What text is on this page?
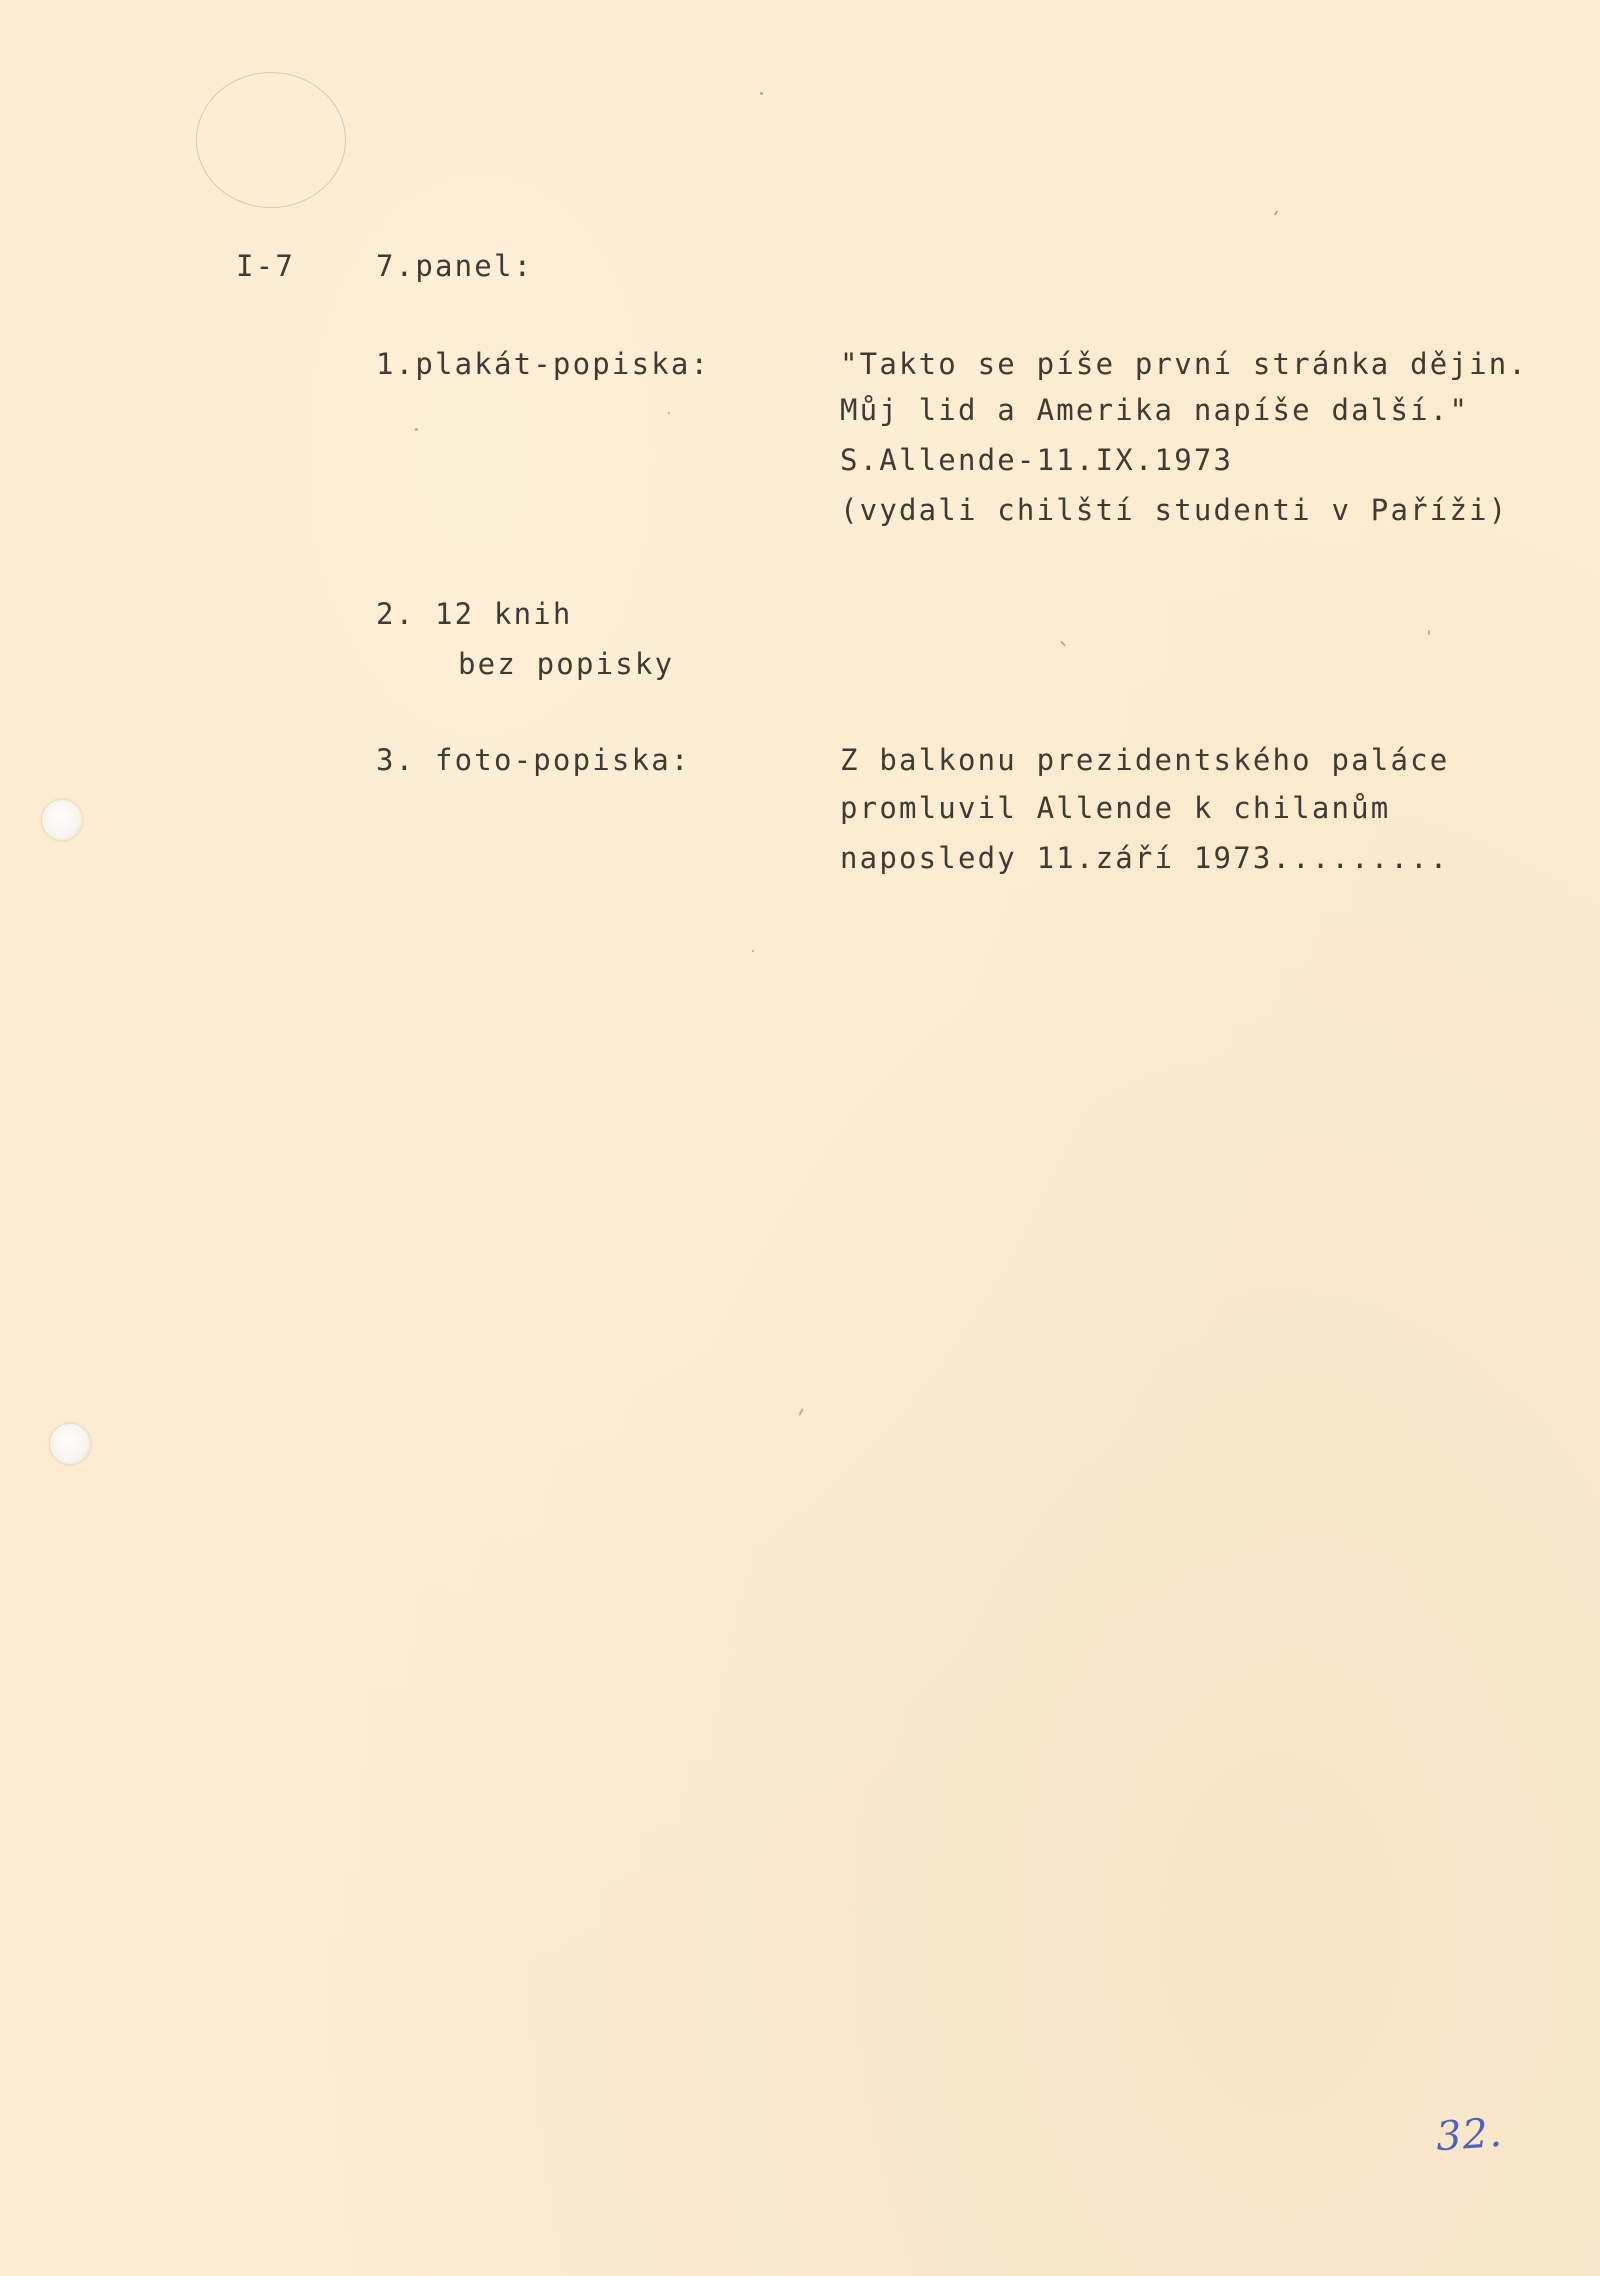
I-7	7.panel:
1.plakát-popiska:	"Takto se píše první stránka dějin.
Můj lid a Amerika napíše další."
S.Allende-11.IX.1973
(vydali chilští studenti v Paříži)
2. 12 knih
bez popisky
3. foto-popiska:	Z balkonu prezidentského paláce
promluvil Allende k chilanům
naposledy 11.září 1973.........
32.
